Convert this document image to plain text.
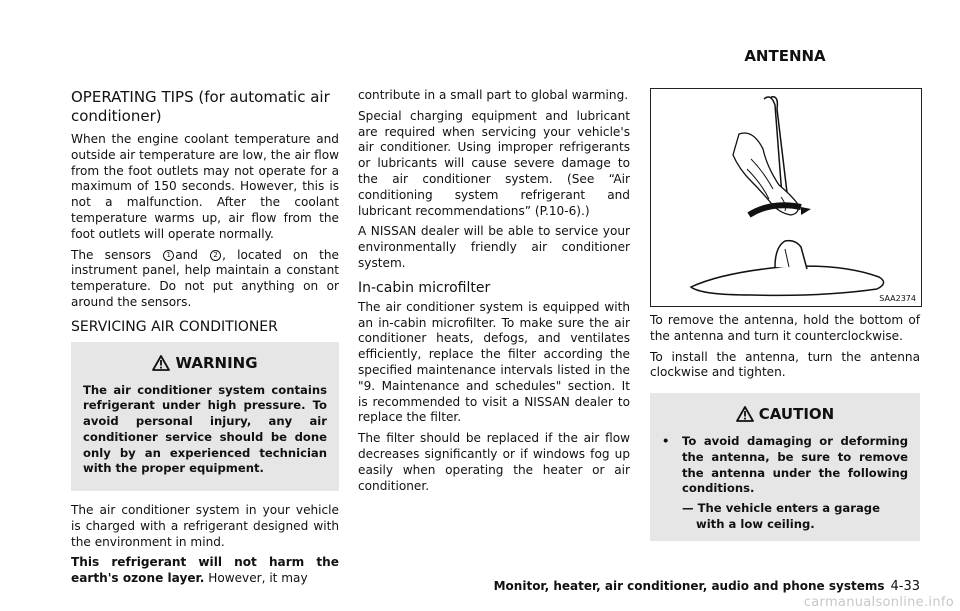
OPERATING TIPS (for automatic air
conditioner)

When the engine coolant temperature and outside air temperature are low, the air flow from the foot outlets may not operate for a maximum of 150 seconds. However, this is not a malfunction. After the coolant temperature warms up, air flow from the foot outlets will operate normally.

The sensors 1 and 2 , located on the instrument panel, help maintain a constant temperature. Do not put anything on or around the sensors.

SERVICING AIR CONDITIONER
WARNING

The air conditioner system contains refrigerant under high pressure. To avoid personal injury, any air conditioner service should be done only by an experienced technician with the proper equipment.

The air conditioner system in your vehicle is charged with a refrigerant designed with the environment in mind.

This refrigerant will not harm the earth's ozone layer. However, it may

contribute in a small part to global warming.

Special charging equipment and lubricant are required when servicing your vehicle's air conditioner. Using improper refrigerants or lubricants will cause severe damage to the air conditioner system. (See “Air conditioning system refrigerant and lubricant recommendations” (P.10-6).)

A NISSAN dealer will be able to service your environmentally friendly air conditioner system.

In-cabin microfilter

The air conditioner system is equipped with an in-cabin microfilter. To make sure the air conditioner heats, defogs, and ventilates efficiently, replace the filter according the specified maintenance intervals listed in the "9. Maintenance and schedules" section. It is recommended to visit a NISSAN dealer to replace the filter.

The filter should be replaced if the air flow decreases significantly or if windows fog up easily when operating the heater or air conditioner.

ANTENNA
SAA2374

To remove the antenna, hold the bottom of the antenna and turn it counterclockwise.

To install the antenna, turn the antenna clockwise and tighten.

CAUTION
•	To avoid damaging or deforming the antenna, be sure to remove the antenna under the following conditions.
— The vehicle enters a garage
with a low ceiling.
Monitor, heater, air conditioner, audio and phone systems 4-33
carmanualsonline.info
